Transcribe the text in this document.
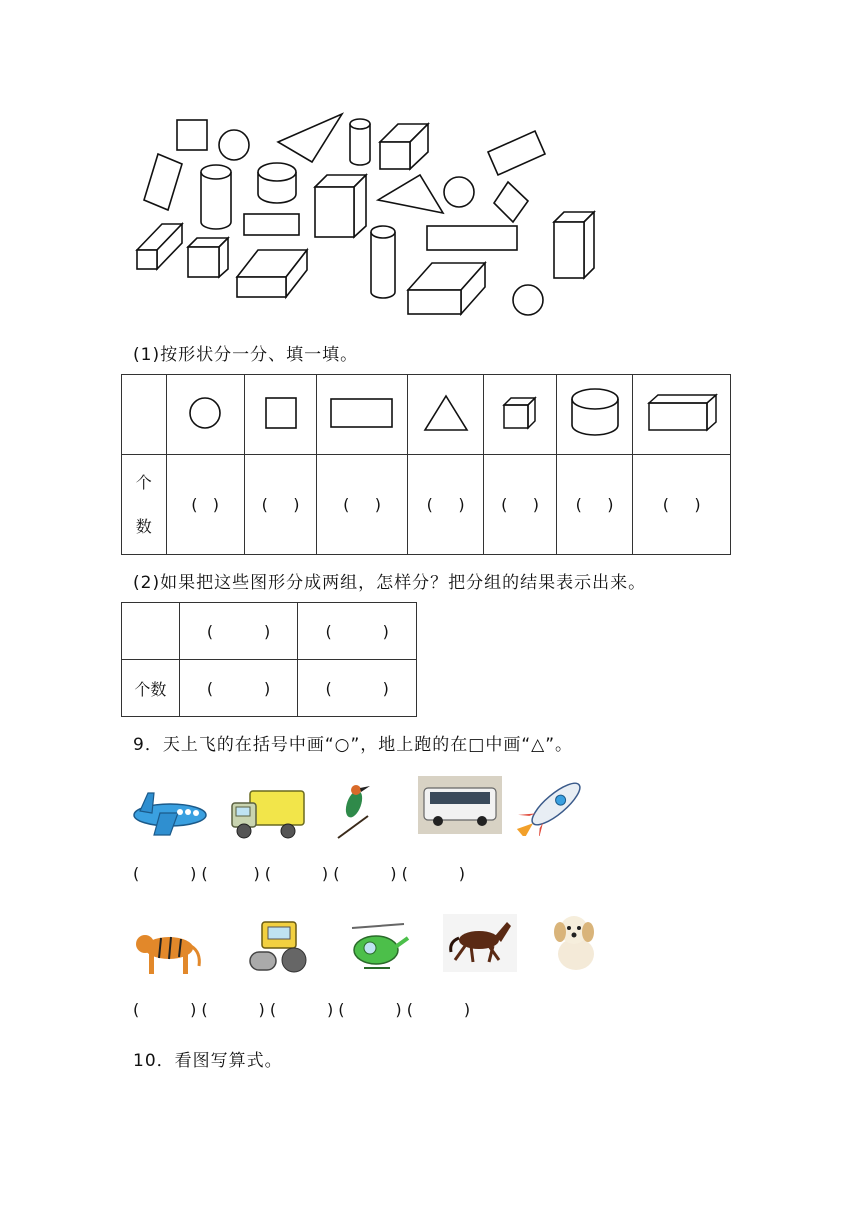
(1)按形状分一分、填一填。

个
数	(   )	(     )	(     )	(     )	(     )	(     )	(     )
(2)如果把这些图形分成两组，怎样分？把分组的结果表示出来。
	(          )	(          )
个数	(          )	(          )
9．天上飞的在括号中画“○”，地上跑的在□中画“△”。
(          ) (         ) (          ) (          ) (          )
(          ) (          ) (          ) (          ) (          )
10．看图写算式。
